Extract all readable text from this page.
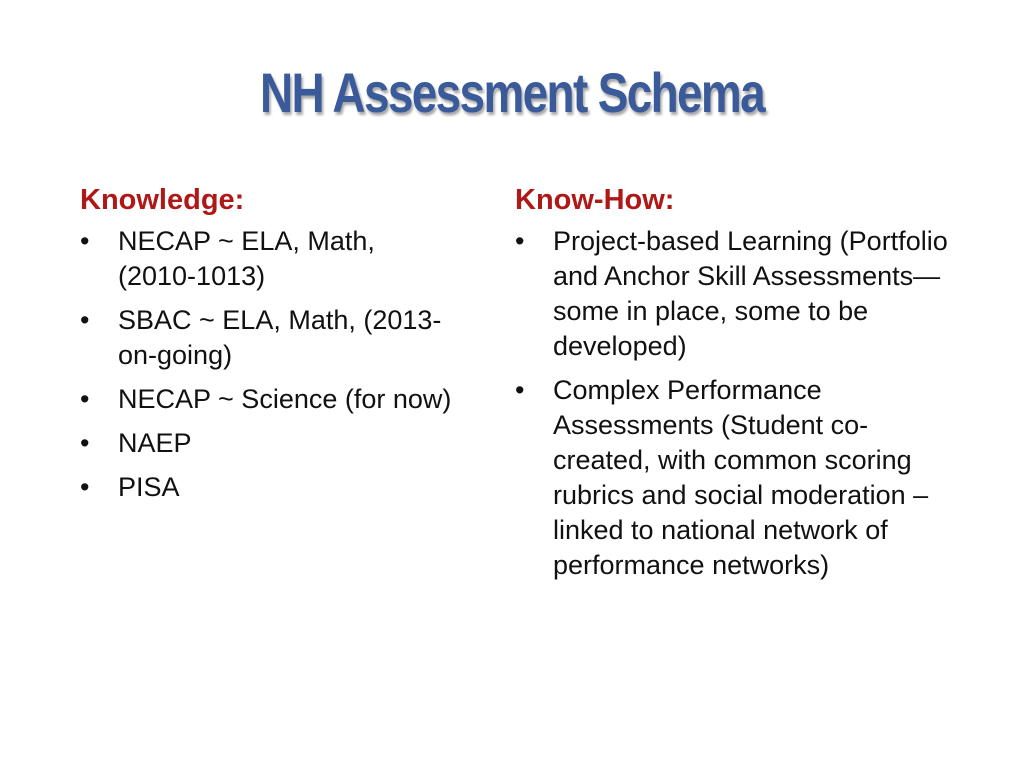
NH Assessment Schema
Knowledge:
•	NECAP ~ ELA, Math, (2010-1013)
•	SBAC ~ ELA, Math, (2013-on-going)
•	NECAP ~ Science (for now)
•	NAEP
•	PISA
Know-How:
•	Project-based Learning (Portfolio and Anchor Skill Assessments—some in place, some to be developed)
•	Complex Performance Assessments (Student co-created, with common scoring rubrics and social moderation – linked to national network of performance networks)
